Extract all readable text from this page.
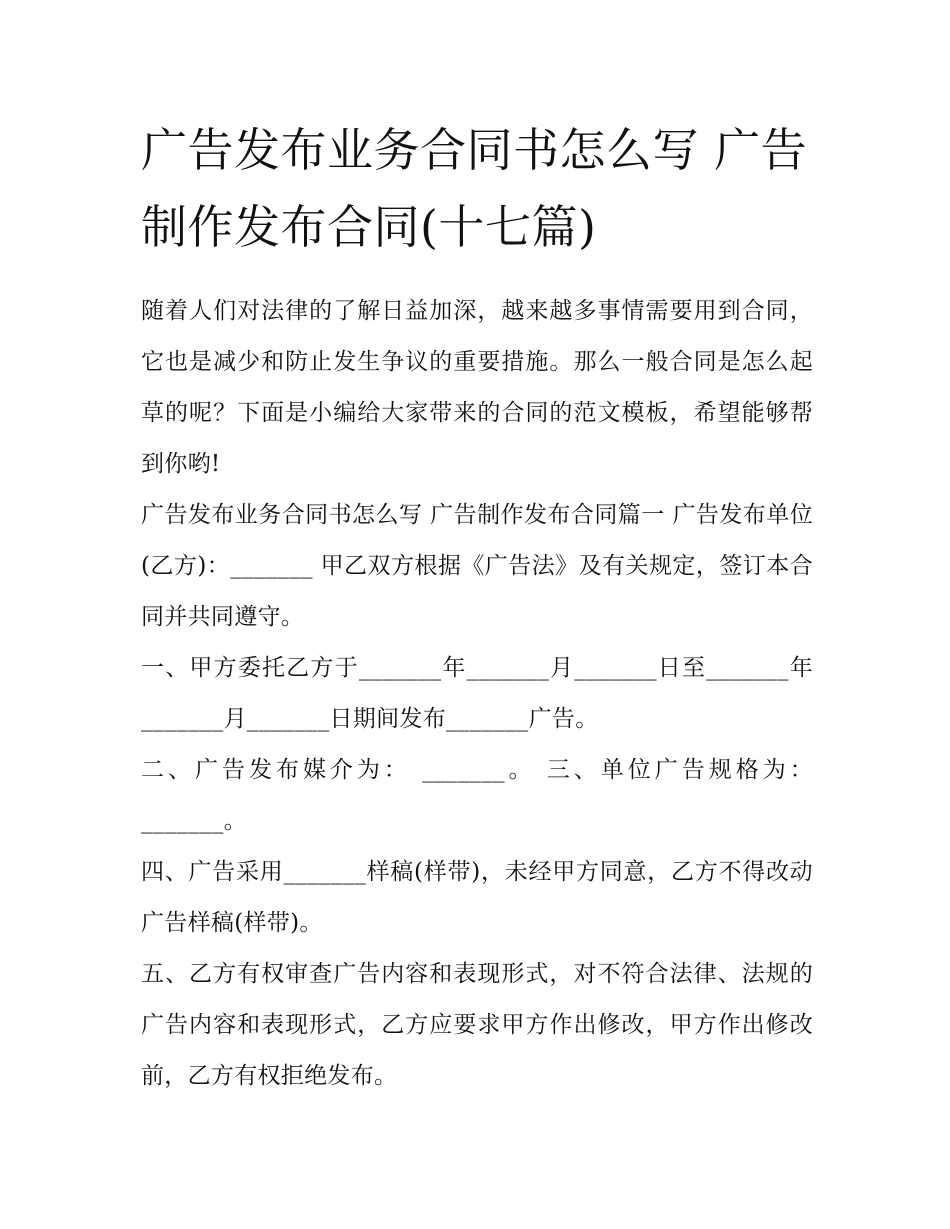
广告发布业务合同书怎么写 广告制作发布合同(十七篇)

随着人们对法律的了解日益加深，越来越多事情需要用到合同，它也是减少和防止发生争议的重要措施。那么一般合同是怎么起草的呢？下面是小编给大家带来的合同的范文模板，希望能够帮到你哟!

广告发布业务合同书怎么写 广告制作发布合同篇一 广告发布单位(乙方)：_______ 甲乙双方根据《广告法》及有关规定，签订本合同并共同遵守。

一、甲方委托乙方于_______年_______月_______日至_______年_______月_______日期间发布_______广告。

二、广告发布媒介为： _______。 三、单位广告规格为：_______。

四、广告采用_______样稿(样带)，未经甲方同意，乙方不得改动广告样稿(样带)。

五、乙方有权审查广告内容和表现形式，对不符合法律、法规的广告内容和表现形式，乙方应要求甲方作出修改，甲方作出修改前，乙方有权拒绝发布。
